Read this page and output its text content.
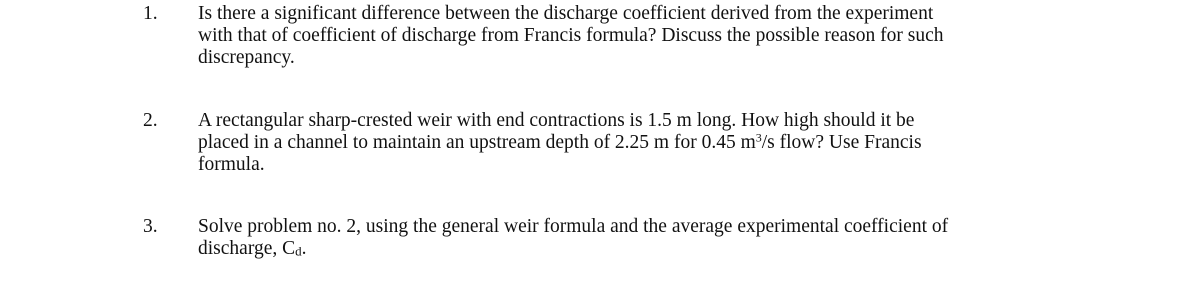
1. Is there a significant difference between the discharge coefficient derived from the experiment
with that of coefficient of discharge from Francis formula? Discuss the possible reason for such
discrepancy.
2. A rectangular sharp-crested weir with end contractions is 1.5 m long. How high should it be
placed in a channel to maintain an upstream depth of 2.25 m for 0.45 $m^3/s$ flow? Use Francis
formula.
3. Solve problem no. 2, using the general weir formula and the average experimental coefficient of
discharge, $C_d$.
